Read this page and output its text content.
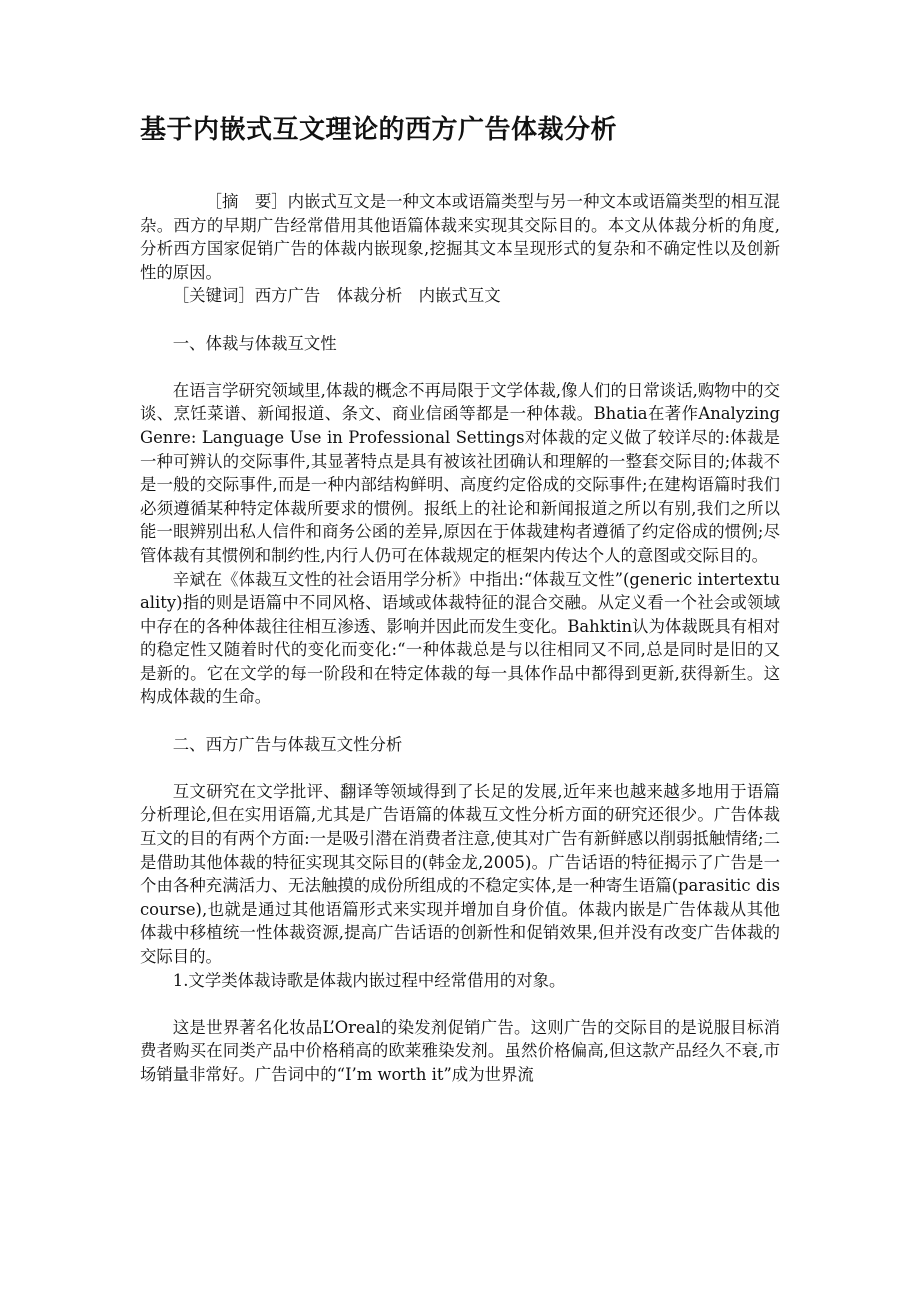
基于内嵌式互文理论的西方广告体裁分析

［摘　要］内嵌式互文是一种文本或语篇类型与另一种文本或语篇类型的相互混杂。西方的早期广告经常借用其他语篇体裁来实现其交际目的。本文从体裁分析的角度,分析西方国家促销广告的体裁内嵌现象,挖掘其文本呈现形式的复杂和不确定性以及创新性的原因。

［关键词］西方广告　体裁分析　内嵌式互文

一、体裁与体裁互文性

在语言学研究领域里,体裁的概念不再局限于文学体裁,像人们的日常谈话,购物中的交谈、烹饪菜谱、新闻报道、条文、商业信函等都是一种体裁。Bhatia在著作Analyzing Genre: Language Use in Professional Settings对体裁的定义做了较详尽的:体裁是一种可辨认的交际事件,其显著特点是具有被该社团确认和理解的一整套交际目的;体裁不是一般的交际事件,而是一种内部结构鲜明、高度约定俗成的交际事件;在建构语篇时我们必须遵循某种特定体裁所要求的惯例。报纸上的社论和新闻报道之所以有别,我们之所以能一眼辨别出私人信件和商务公函的差异,原因在于体裁建构者遵循了约定俗成的惯例;尽管体裁有其惯例和制约性,内行人仍可在体裁规定的框架内传达个人的意图或交际目的。

辛斌在《体裁互文性的社会语用学分析》中指出:“体裁互文性”(generic intertextuality)指的则是语篇中不同风格、语域或体裁特征的混合交融。从定义看一个社会或领域中存在的各种体裁往往相互渗透、影响并因此而发生变化。Bahktin认为体裁既具有相对的稳定性又随着时代的变化而变化:“一种体裁总是与以往相同又不同,总是同时是旧的又是新的。它在文学的每一阶段和在特定体裁的每一具体作品中都得到更新,获得新生。这构成体裁的生命。

二、西方广告与体裁互文性分析

互文研究在文学批评、翻译等领域得到了长足的发展,近年来也越来越多地用于语篇分析理论,但在实用语篇,尤其是广告语篇的体裁互文性分析方面的研究还很少。广告体裁互文的目的有两个方面:一是吸引潜在消费者注意,使其对广告有新鲜感以削弱抵触情绪;二是借助其他体裁的特征实现其交际目的(韩金龙,2005)。广告话语的特征揭示了广告是一个由各种充满活力、无法触摸的成份所组成的不稳定实体,是一种寄生语篇(parasitic discourse),也就是通过其他语篇形式来实现并增加自身价值。体裁内嵌是广告体裁从其他体裁中移植统一性体裁资源,提高广告话语的创新性和促销效果,但并没有改变广告体裁的交际目的。

1.文学类体裁诗歌是体裁内嵌过程中经常借用的对象。

这是世界著名化妆品L’Oreal的染发剂促销广告。这则广告的交际目的是说服目标消费者购买在同类产品中价格稍高的欧莱雅染发剂。虽然价格偏高,但这款产品经久不衰,市场销量非常好。广告词中的“I’m worth it”成为世界流
